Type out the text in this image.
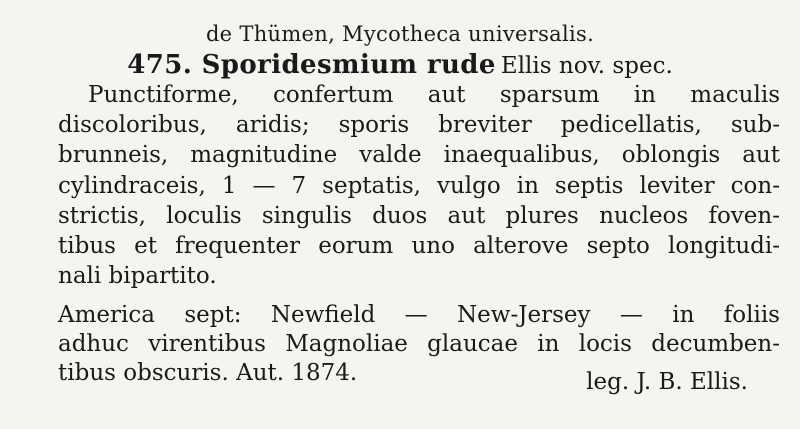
de Thümen, Mycotheca universalis.
475. Sporidesmium rude Ellis nov. spec.
Punctiforme, confertum aut sparsum in maculis
discoloribus, aridis; sporis breviter pedicellatis, sub-
brunneis, magnitudine valde inaequalibus, oblongis aut
cylindraceis, 1 — 7 septatis, vulgo in septis leviter con-
strictis, loculis singulis duos aut plures nucleos foven-
tibus et frequenter eorum uno alterove septo longitudi-
nali bipartito.
America sept: Newfield — New-Jersey — in foliis
adhuc virentibus Magnoliae glaucae in locis decumben-
tibus obscuris. Aut. 1874.	leg. J. B. Ellis.
